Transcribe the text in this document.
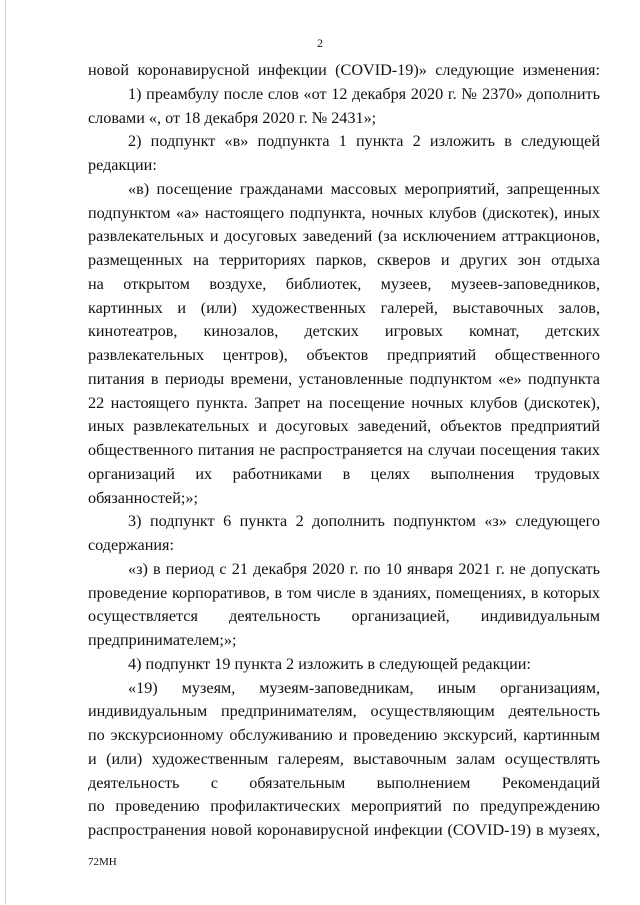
2

новой коронавирусной инфекции (COVID-19)» следующие изменения:

1) преамбулу после слов «от 12 декабря 2020 г. № 2370» дополнить

словами «, от 18 декабря 2020 г. № 2431»;

2) подпункт «в» подпункта 1 пункта 2 изложить в следующей

редакции:

«в) посещение гражданами массовых мероприятий, запрещенных

подпунктом «а» настоящего подпункта, ночных клубов (дискотек), иных

развлекательных и досуговых заведений (за исключением аттракционов,

размещенных на территориях парков, скверов и других зон отдыха

на открытом воздухе, библиотек, музеев, музеев-заповедников,

картинных и (или) художественных галерей, выставочных залов,

кинотеатров, кинозалов, детских игровых комнат, детских

развлекательных центров), объектов предприятий общественного

питания в периоды времени, установленные подпунктом «е» подпункта

22 настоящего пункта. Запрет на посещение ночных клубов (дискотек),

иных развлекательных и досуговых заведений, объектов предприятий

общественного питания не распространяется на случаи посещения таких

организаций их работниками в целях выполнения трудовых

обязанностей;»;

3) подпункт 6 пункта 2 дополнить подпунктом «з» следующего

содержания:

«з) в период с 21 декабря 2020 г. по 10 января 2021 г. не допускать

проведение корпоративов, в том числе в зданиях, помещениях, в которых

осуществляется деятельность организацией, индивидуальным

предпринимателем;»;

4) подпункт 19 пункта 2 изложить в следующей редакции:

«19) музеям, музеям-заповедникам, иным организациям,

индивидуальным предпринимателям, осуществляющим деятельность

по экскурсионному обслуживанию и проведению экскурсий, картинным

и (или) художественным галереям, выставочным залам осуществлять

деятельность с обязательным выполнением Рекомендаций

по проведению профилактических мероприятий по предупреждению

распространения новой коронавирусной инфекции (COVID-19) в музеях,

72МН
